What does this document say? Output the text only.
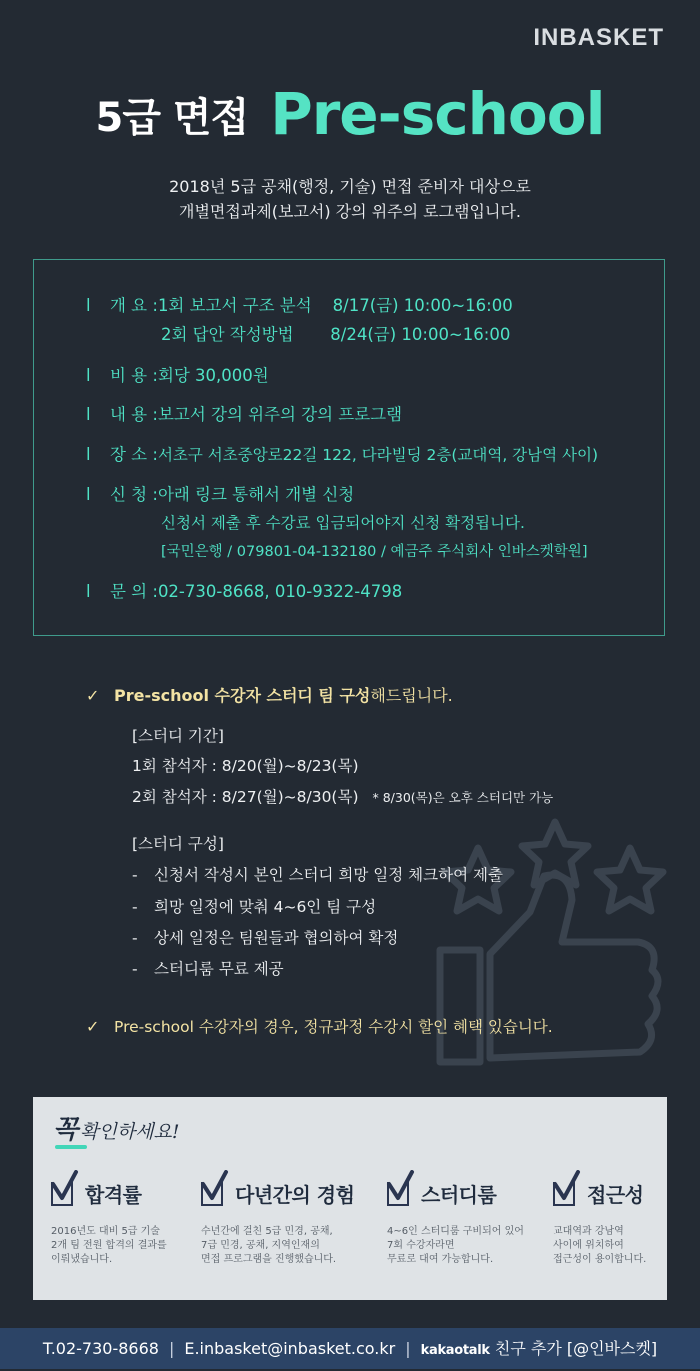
INBASKET
5급 면접 Pre-school
2018년 5급 공채(행정, 기술) 면접 준비자 대상으로
개별면접과제(보고서) 강의 위주의 로그램입니다.
l 개 요 :1회 보고서 구조 분석    8/17(금) 10:00~16:00
2회 답안 작성방법       8/24(금) 10:00~16:00
l 비 용 :회당 30,000원
l 내 용 :보고서 강의 위주의 강의 프로그램
l 장 소 :서초구 서초중앙로22길 122, 다라빌딩 2층(교대역, 강남역 사이)
l 신 청 :아래 링크 통해서 개별 신청
신청서 제출 후 수강료 입금되어야지 신청 확정됩니다.
[국민은행 / 079801-04-132180 / 예금주 주식회사 인바스켓학원]
l 문 의 :02-730-8668, 010-9322-4798
✓ Pre-school 수강자 스터디 팀 구성해드립니다.
[스터디 기간]
1회 참석자 : 8/20(월)~8/23(목)
2회 참석자 : 8/27(월)~8/30(목) * 8/30(목)은 오후 스터디만 가능
[스터디 구성]
- 신청서 작성시 본인 스터디 희망 일정 체크하여 제출
- 희망 일정에 맞춰 4~6인 팀 구성
- 상세 일정은 팀원들과 협의하여 확정
- 스터디룸 무료 제공
✓ Pre-school 수강자의 경우, 정규과정 수강시 할인 혜택 있습니다.
꼭 확인하세요!
합격률
2016년도 대비 5급 기술
2개 팀 전원 합격의 결과를
이뤄냈습니다.
다년간의 경험
수년간에 걸친 5급 민경, 공채,
7급 민경, 공채, 지역인재의
면접 프로그램을 진행했습니다.
스터디룸
4~6인 스터디룸 구비되어 있어
7회 수강자라면
무료로 대여 가능합니다.
접근성
교대역과 강남역
사이에 위치하여
접근성이 용이합니다.
T.02-730-8668 | E.inbasket@inbasket.co.kr | kakaotalk 친구 추가 [@인바스켓]
